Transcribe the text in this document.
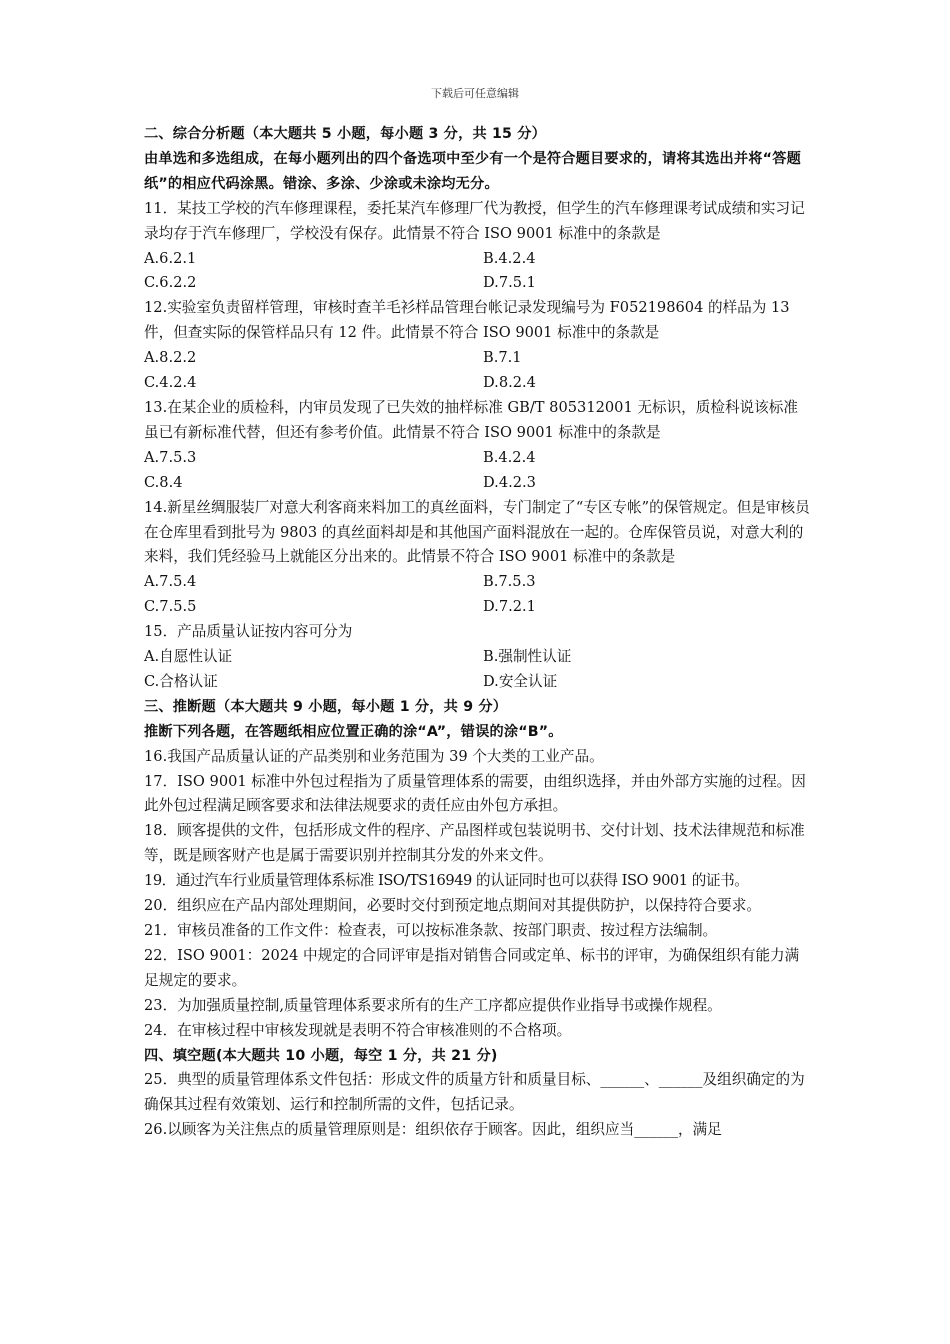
下载后可任意编辑

二、综合分析题（本大题共 5 小题，每小题 3 分，共 15 分）

由单选和多选组成，在每小题列出的四个备选项中至少有一个是符合题目要求的，请将其选出并将“答题纸”的相应代码涂黑。错涂、多涂、少涂或未涂均无分。

11．某技工学校的汽车修理课程，委托某汽车修理厂代为教授，但学生的汽车修理课考试成绩和实习记录均存于汽车修理厂，学校没有保存。此情景不符合 ISO 9001 标准中的条款是

A.6.2.1	B.4.2.4
C.6.2.2	D.7.5.1

12.实验室负责留样管理，审核时查羊毛衫样品管理台帐记录发现编号为 F052198604 的样品为 13 件，但查实际的保管样品只有 12 件。此情景不符合 ISO 9001 标准中的条款是

A.8.2.2	B.7.1
C.4.2.4	D.8.2.4

13.在某企业的质检科，内审员发现了已失效的抽样标准 GB/T 805312001 无标识，质检科说该标准虽已有新标准代替，但还有参考价值。此情景不符合 ISO 9001 标准中的条款是

A.7.5.3	B.4.2.4
C.8.4	D.4.2.3

14.新星丝绸服装厂对意大利客商来料加工的真丝面料，专门制定了“专区专帐”的保管规定。但是审核员在仓库里看到批号为 9803 的真丝面料却是和其他国产面料混放在一起的。仓库保管员说，对意大利的来料，我们凭经验马上就能区分出来的。此情景不符合 ISO 9001 标准中的条款是

A.7.5.4	B.7.5.3
C.7.5.5	D.7.2.1

15．产品质量认证按内容可分为

A.自愿性认证	B.强制性认证
C.合格认证	D.安全认证

三、推断题（本大题共 9 小题，每小题 1 分，共 9 分）

推断下列各题，在答题纸相应位置正确的涂“A”，错误的涂“B”。

16.我国产品质量认证的产品类别和业务范围为 39 个大类的工业产品。

17．ISO 9001 标准中外包过程指为了质量管理体系的需要，由组织选择，并由外部方实施的过程。因此外包过程满足顾客要求和法律法规要求的责任应由外包方承担。

18．顾客提供的文件，包括形成文件的程序、产品图样或包装说明书、交付计划、技术法律规范和标准等，既是顾客财产也是属于需要识别并控制其分发的外来文件。

19．通过汽车行业质量管理体系标准 ISO/TS16949 的认证同时也可以获得 ISO 9001 的证书。

20．组织应在产品内部处理期间，必要时交付到预定地点期间对其提供防护，以保持符合要求。

21．审核员准备的工作文件：检查表，可以按标准条款、按部门职责、按过程方法编制。

22．ISO 9001：2024 中规定的合同评审是指对销售合同或定单、标书的评审，为确保组织有能力满足规定的要求。

23．为加强质量控制,质量管理体系要求所有的生产工序都应提供作业指导书或操作规程。

24．在审核过程中审核发现就是表明不符合审核准则的不合格项。

四、填空题(本大题共 10 小题，每空 1 分，共 21 分)

25．典型的质量管理体系文件包括：形成文件的质量方针和质量目标、______、______及组织确定的为确保其过程有效策划、运行和控制所需的文件，包括记录。

26.以顾客为关注焦点的质量管理原则是：组织依存于顾客。因此，组织应当______，满足
